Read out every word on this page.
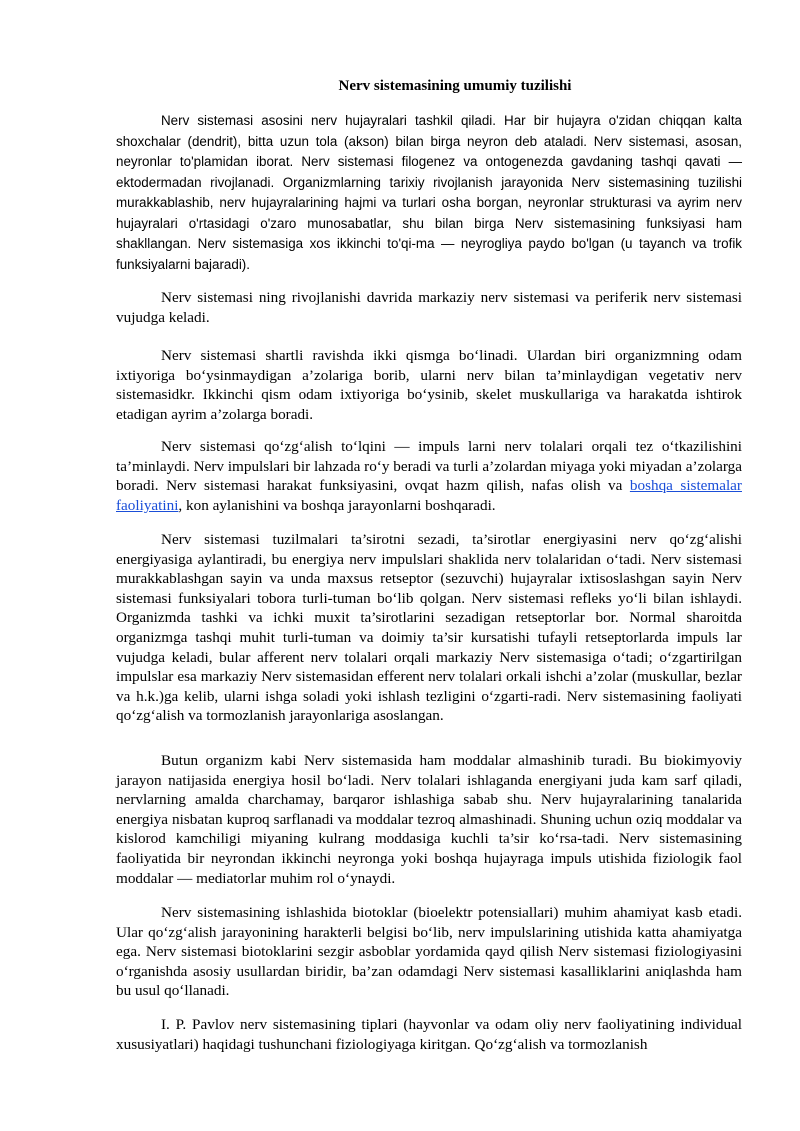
Nerv sistemasining umumiy tuzilishi

Nerv sistemasi asosini nerv hujayralari tashkil qiladi. Har bir hujayra o'zidan chiqqan kalta shoxchalar (dendrit), bitta uzun tola (akson) bilan birga neyron deb ataladi. Nerv sistemasi, asosan, neyronlar to'plamidan iborat. Nerv sistemasi filogenez va ontogenezda gavdaning tashqi qavati — ektodermadan rivojlanadi. Organizmlarning tarixiy rivojlanish jarayonida Nerv sistemasining tuzilishi murakkablashib, nerv hujayralarining hajmi va turlari osha borgan, neyronlar strukturasi va ayrim nerv hujayralari o'rtasidagi o'zaro munosabatlar, shu bilan birga Nerv sistemasining funksiyasi ham shakllangan. Nerv sistemasiga xos ikkinchi to'qi-ma — neyrogliya paydo bo'lgan (u tayanch va trofik funksiyalarni bajaradi).

Nerv sistemasi ning rivojlanishi davrida markaziy nerv sistemasi va periferik nerv sistemasi vujudga keladi.

Nerv sistemasi shartli ravishda ikki qismga bo‘linadi. Ulardan biri organizmning odam ixtiyoriga bo‘ysinmaydigan a’zolariga borib, ularni nerv bilan ta’minlaydigan vegetativ nerv sistemasidkr. Ikkinchi qism odam ixtiyoriga bo‘ysinib, skelet muskullariga va harakatda ishtirok etadigan ayrim a’zolarga boradi.

Nerv sistemasi qo‘zg‘alish to‘lqini — impuls larni nerv tolalari orqali tez o‘tkazilishini ta’minlaydi. Nerv impulslari bir lahzada ro‘y beradi va turli a’zolardan miyaga yoki miyadan a’zolarga boradi. Nerv sistemasi harakat funksiyasini, ovqat hazm qilish, nafas olish va boshqa sistemalar faoliyatini, kon aylanishini va boshqa jarayonlarni boshqaradi.

Nerv sistemasi tuzilmalari ta’sirotni sezadi, ta’sirotlar energiyasini nerv qo‘zg‘alishi energiyasiga aylantiradi, bu energiya nerv impulslari shaklida nerv tolalaridan o‘tadi. Nerv sistemasi murakkablashgan sayin va unda maxsus retseptor (sezuvchi) hujayralar ixtisoslashgan sayin Nerv sistemasi funksiyalari tobora turli-tuman bo‘lib qolgan. Nerv sistemasi refleks yo‘li bilan ishlaydi. Organizmda tashki va ichki muxit ta’sirotlarini sezadigan retseptorlar bor. Normal sharoitda organizmga tashqi muhit turli-tuman va doimiy ta’sir kursatishi tufayli retseptorlarda impuls lar vujudga keladi, bular afferent nerv tolalari orqali markaziy Nerv sistemasiga o‘tadi; o‘zgartirilgan impulslar esa markaziy Nerv sistemasidan efferent nerv tolalari orkali ishchi a’zolar (muskullar, bezlar va h.k.)ga kelib, ularni ishga soladi yoki ishlash tezligini o‘zgarti-radi. Nerv sistemasining faoliyati qo‘zg‘alish va tormozlanish jarayonlariga asoslangan.

Butun organizm kabi Nerv sistemasida ham moddalar almashinib turadi. Bu biokimyoviy jarayon natijasida energiya hosil bo‘ladi. Nerv tolalari ishlaganda energiyani juda kam sarf qiladi, nervlarning amalda charchamay, barqaror ishlashiga sabab shu. Nerv hujayralarining tanalarida energiya nisbatan kuproq sarflanadi va moddalar tezroq almashinadi. Shuning uchun oziq moddalar va kislorod kamchiligi miyaning kulrang moddasiga kuchli ta’sir ko‘rsa-tadi. Nerv sistemasining faoliyatida bir neyrondan ikkinchi neyronga yoki boshqa hujayraga impuls utishida fiziologik faol moddalar — mediatorlar muhim rol o‘ynaydi.

Nerv sistemasining ishlashida biotoklar (bioelektr potensiallari) muhim ahamiyat kasb etadi. Ular qo‘zg‘alish jarayonining harakterli belgisi bo‘lib, nerv impulslarining utishida katta ahamiyatga ega. Nerv sistemasi biotoklarini sezgir asboblar yordamida qayd qilish Nerv sistemasi fiziologiyasini o‘rganishda asosiy usullardan biridir, ba’zan odamdagi Nerv sistemasi kasalliklarini aniqlashda ham bu usul qo‘llanadi.

I. P. Pavlov nerv sistemasining tiplari (hayvonlar va odam oliy nerv faoliyatining individual xususiyatlari) haqidagi tushunchani fiziologiyaga kiritgan. Qo‘zg‘alish va tormozlanish
